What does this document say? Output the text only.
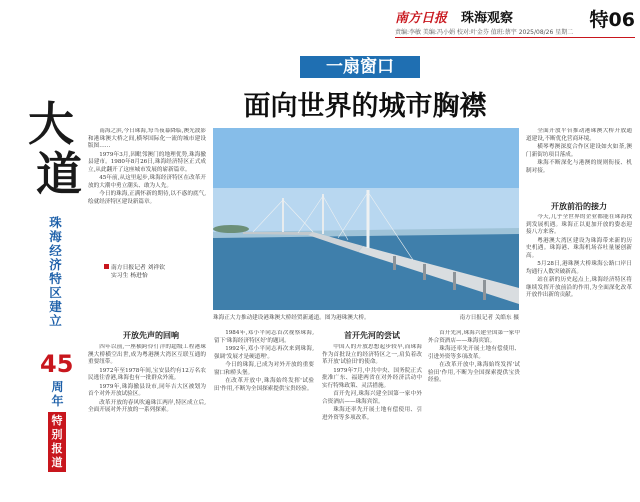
南方日报 珠海观察	特06
责编:李敏 美编:冯小娟 校对:叶金芬 值班:蔡宇 2025/08/26 星期二
大
道
珠海经济特区建立
45
周年
特别报道
一扇窗口
面向世界的城市胸襟

南海之滨,今日珠海,每当夜幕降临,澳光波影和港珠澳大桥之间,横琴国际化一流的城市建设版图……

1979年3月,因毗邻澳门的地理优势,珠海撤县建市。1980年8月26日,珠海经济特区正式成立,从此翻开了这座城市发展的崭新篇章。

45年前,从这里起步,珠海经济特区在改革开放的大潮中勇立潮头、敢为人先。

今日的珠海,正满怀新的期待,以不惑的底气,绘就经济特区建设新篇章。

南方日报记者 刘祥钦
实习生 杨进怡
珠海正大力推动建设港珠澳大桥经贸新通道。图为港珠澳大桥。	南方日报记者 关皓东 摄

全面开放平台推动港珠澳大桥开放通道建设,不断优化营商环境。

横琴粤澳深度合作区建设如火如荼,澳门新街坊项目落成。

珠海不断深化与港澳的规则衔接、机制对接。

开放前沿的接力

今天,几乎全世界的企业都能在珠海找到发展机遇。珠海正以更加开放的姿态迎接八方来客。

粤港澳大湾区建设为珠海带来新的历史机遇。珠海港、珠海机场吞吐量屡创新高。

5月28日,港珠澳大桥珠海公路口岸日均通行人数突破新高。

站在新的历史起点上,珠海经济特区将继续发挥开放前沿的作用,为全面深化改革开放作出新的贡献。

开放先声的回响

四年以前,一座横跨伶仃洋的超级工程港珠澳大桥横空出世,成为粤港澳大湾区互联互通的重要纽带。

1972年至1978年间,宝安县约有12万名农民逃往香港,珠海也有一批群众外流。

1979年,珠海撤县设市,同年吉大区被划为首个对外开放试验区。

改革开放的春风吹遍珠江两岸,特区成立后,全面开展对外开放的一系列探索。

1984年,邓小平同志首次视察珠海,留下'珠海经济特区好'的题词。

1992年,邓小平同志再次来到珠海,强调'发展才是硬道理'。

今日的珠海,已成为对外开放的重要窗口和桥头堡。

在改革开放中,珠海始终发挥'试验田'作用,不断为全国探索提供宝贵经验。

首开先河的尝试

中国人的开放思想起步较早,而珠海作为首批设立的经济特区之一,肩负着改革开放'试验田'的使命。

1979年7月,中共中央、国务院正式批准广东、福建两省在对外经济活动中实行特殊政策、灵活措施。

首开先河,珠海兴建全国第一家中外合资酒店——珠海宾馆。

珠海还率先开展土地有偿使用、引进外资等多项改革。

首开先河,珠海兴建全国第一家中外合资酒店——珠海宾馆。

珠海还率先开展土地有偿使用、引进外资等多项改革。

在改革开放中,珠海始终发挥'试验田'作用,不断为全国探索提供宝贵经验。
